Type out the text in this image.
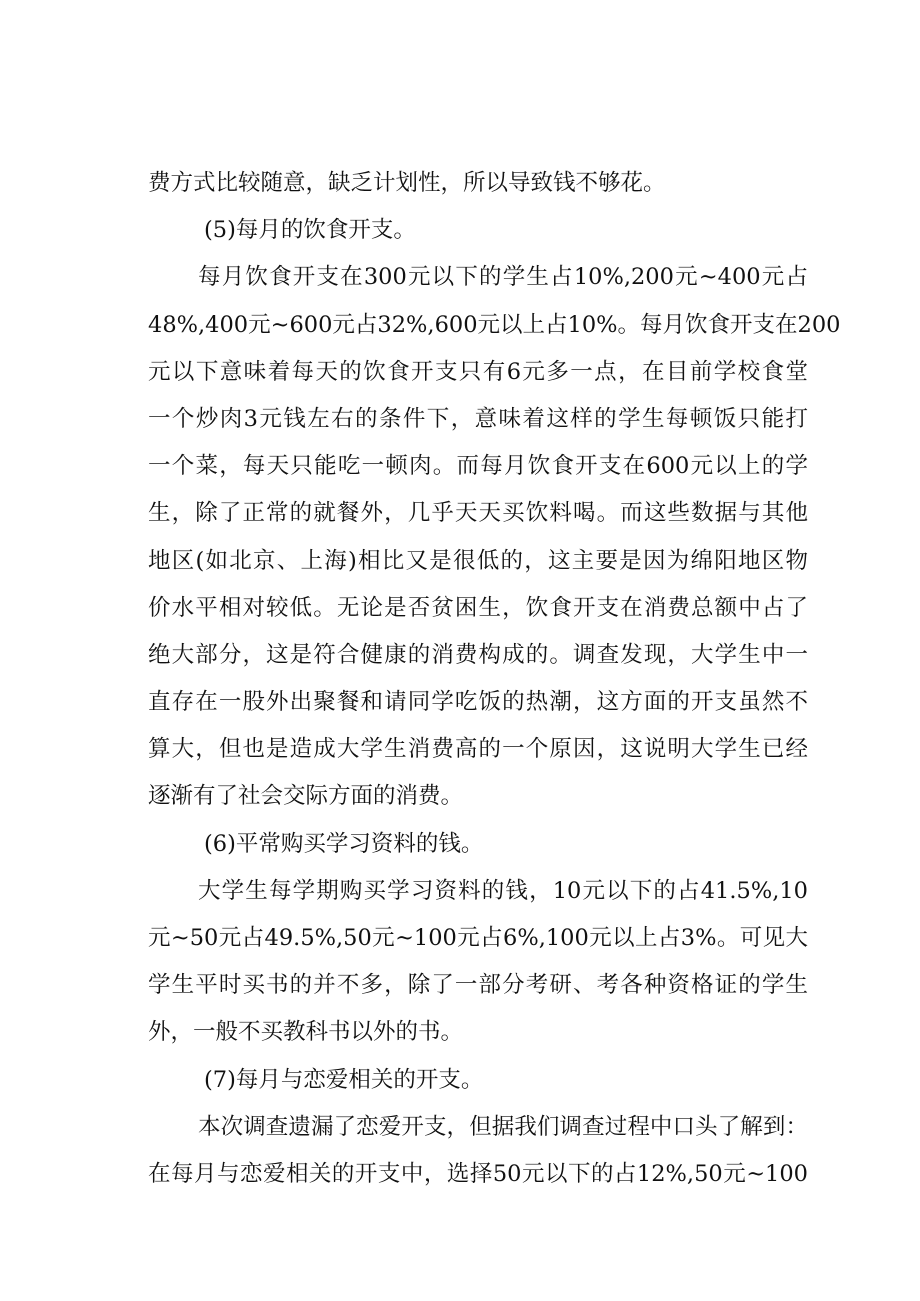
费方式比较随意，缺乏计划性，所以导致钱不够花。
(5)每月的饮食开支。
每月饮食开支在300元以下的学生占10%,200元~400元占
48%,400元~600元占32%,600元以上占10%。每月饮食开支在200
元以下意味着每天的饮食开支只有6元多一点，在目前学校食堂
一个炒肉3元钱左右的条件下，意味着这样的学生每顿饭只能打
一个菜，每天只能吃一顿肉。而每月饮食开支在600元以上的学
生，除了正常的就餐外，几乎天天买饮料喝。而这些数据与其他
地区(如北京、上海)相比又是很低的，这主要是因为绵阳地区物
价水平相对较低。无论是否贫困生，饮食开支在消费总额中占了
绝大部分，这是符合健康的消费构成的。调查发现，大学生中一
直存在一股外出聚餐和请同学吃饭的热潮，这方面的开支虽然不
算大，但也是造成大学生消费高的一个原因，这说明大学生已经
逐渐有了社会交际方面的消费。
(6)平常购买学习资料的钱。
大学生每学期购买学习资料的钱，10元以下的占41.5%,10
元~50元占49.5%,50元~100元占6%,100元以上占3%。可见大
学生平时买书的并不多，除了一部分考研、考各种资格证的学生
外，一般不买教科书以外的书。
(7)每月与恋爱相关的开支。
本次调查遗漏了恋爱开支，但据我们调查过程中口头了解到：
在每月与恋爱相关的开支中，选择50元以下的占12%,50元~100
